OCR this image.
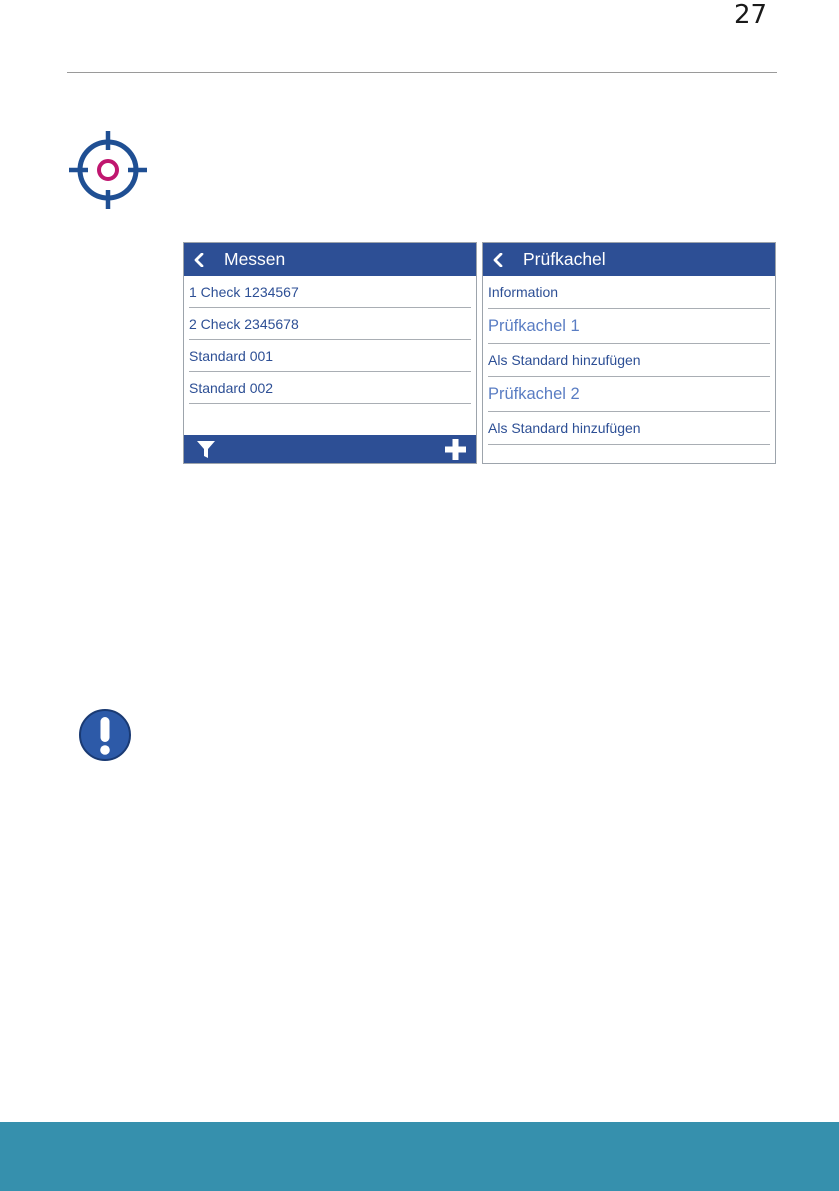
27
Messen
1 Check 1234567
2 Check 2345678
Standard 001
Standard 002
Prüfkachel
Information
Prüfkachel 1
Als Standard hinzufügen
Prüfkachel 2
Als Standard hinzufügen
